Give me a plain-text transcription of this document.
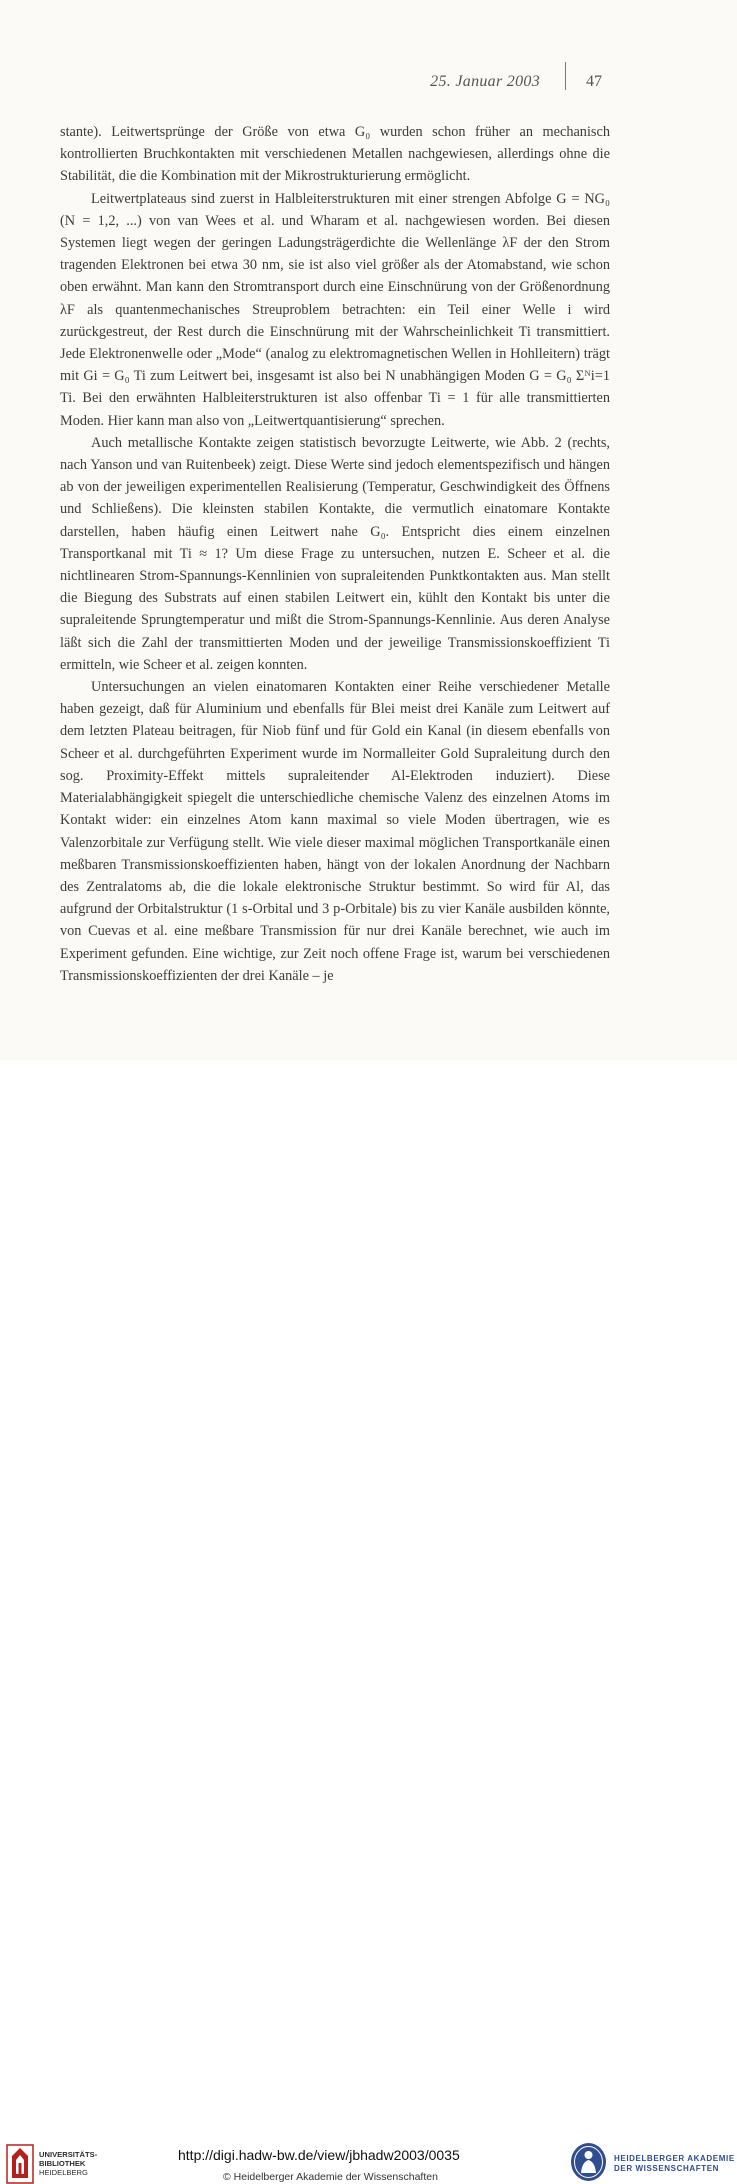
25. Januar 2003	47

stante). Leitwertsprünge der Größe von etwa G₀ wurden schon früher an mechanisch kontrollierten Bruchkontakten mit verschiedenen Metallen nachgewiesen, allerdings ohne die Stabilität, die die Kombination mit der Mikrostrukturierung ermöglicht.

Leitwertplateaus sind zuerst in Halbleiterstrukturen mit einer strengen Abfolge G = NG₀ (N = 1,2, ...) von van Wees et al. und Wharam et al. nachgewiesen worden. Bei diesen Systemen liegt wegen der geringen Ladungsträgerdichte die Wellenlänge λF der den Strom tragenden Elektronen bei etwa 30 nm, sie ist also viel größer als der Atomabstand, wie schon oben erwähnt. Man kann den Stromtransport durch eine Einschnürung von der Größenordnung λF als quantenmechanisches Streuproblem betrachten: ein Teil einer Welle i wird zurückgestreut, der Rest durch die Einschnürung mit der Wahrscheinlichkeit Ti transmittiert. Jede Elektronenwelle oder „Mode“ (analog zu elektromagnetischen Wellen in Hohlleitern) trägt mit Gi = G₀ Ti zum Leitwert bei, insgesamt ist also bei N unabhängigen Moden G = G₀ Σᴺi=1 Ti. Bei den erwähnten Halbleiterstrukturen ist also offenbar Ti = 1 für alle transmittierten Moden. Hier kann man also von „Leitwertquantisierung“ sprechen.

Auch metallische Kontakte zeigen statistisch bevorzugte Leitwerte, wie Abb. 2 (rechts, nach Yanson und van Ruitenbeek) zeigt. Diese Werte sind jedoch elementspezifisch und hängen ab von der jeweiligen experimentellen Realisierung (Temperatur, Geschwindigkeit des Öffnens und Schließens). Die kleinsten stabilen Kontakte, die vermutlich einatomare Kontakte darstellen, haben häufig einen Leitwert nahe G₀. Entspricht dies einem einzelnen Transportkanal mit Ti ≈ 1? Um diese Frage zu untersuchen, nutzen E. Scheer et al. die nichtlinearen Strom-Spannungs-Kennlinien von supraleitenden Punktkontakten aus. Man stellt die Biegung des Substrats auf einen stabilen Leitwert ein, kühlt den Kontakt bis unter die supraleitende Sprungtemperatur und mißt die Strom-Spannungs-Kennlinie. Aus deren Analyse läßt sich die Zahl der transmittierten Moden und der jeweilige Transmissionskoeffizient Ti ermitteln, wie Scheer et al. zeigen konnten.

Untersuchungen an vielen einatomaren Kontakten einer Reihe verschiedener Metalle haben gezeigt, daß für Aluminium und ebenfalls für Blei meist drei Kanäle zum Leitwert auf dem letzten Plateau beitragen, für Niob fünf und für Gold ein Kanal (in diesem ebenfalls von Scheer et al. durchgeführten Experiment wurde im Normalleiter Gold Supraleitung durch den sog. Proximity-Effekt mittels supraleitender Al-Elektroden induziert). Diese Materialabhängigkeit spiegelt die unterschiedliche chemische Valenz des einzelnen Atoms im Kontakt wider: ein einzelnes Atom kann maximal so viele Moden übertragen, wie es Valenzorbitale zur Verfügung stellt. Wie viele dieser maximal möglichen Transportkanäle einen meßbaren Transmissionskoeffizienten haben, hängt von der lokalen Anordnung der Nachbarn des Zentralatoms ab, die die lokale elektronische Struktur bestimmt. So wird für Al, das aufgrund der Orbitalstruktur (1 s-Orbital und 3 p-Orbitale) bis zu vier Kanäle ausbilden könnte, von Cuevas et al. eine meßbare Transmission für nur drei Kanäle berechnet, wie auch im Experiment gefunden. Eine wichtige, zur Zeit noch offene Frage ist, warum bei verschiedenen Transmissionskoeffizienten der drei Kanäle – je

UNIVERSITÄTS-
BIBLIOTHEK
HEIDELBERG
http://digi.hadw-bw.de/view/jbhadw2003/0035
© Heidelberger Akademie der Wissenschaften
HEIDELBERGER AKADEMIE
DER WISSENSCHAFTEN
